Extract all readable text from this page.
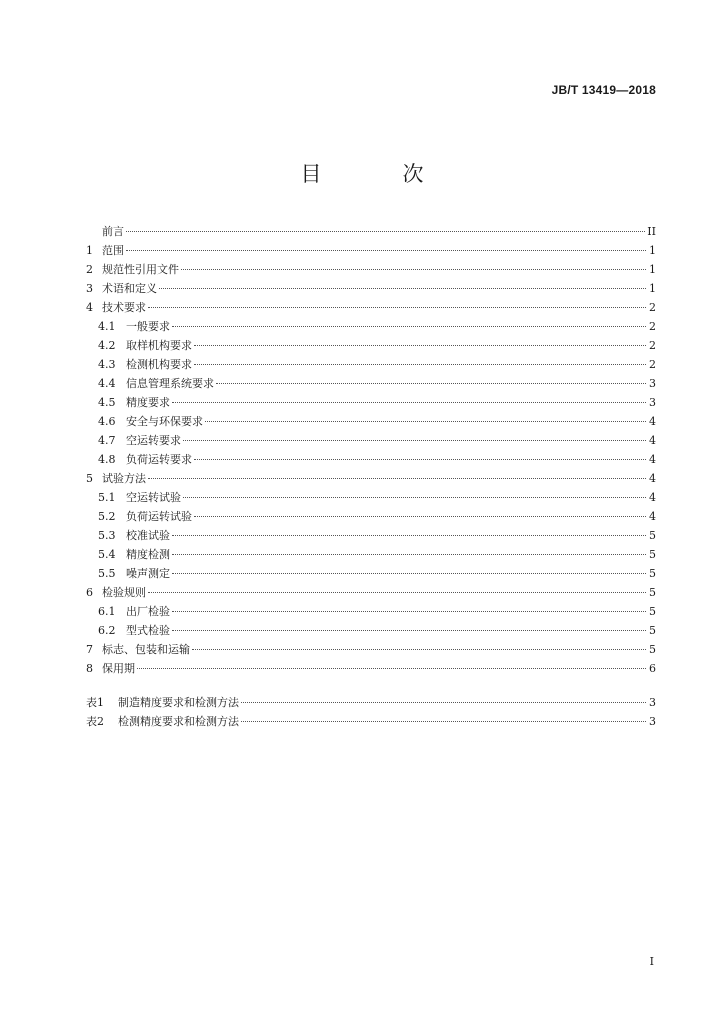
JB/T 13419—2018
目　次
前言	II
1 范围	1
2 规范性引用文件	1
3 术语和定义	1
4 技术要求	2
4.1 一般要求	2
4.2 取样机构要求	2
4.3 检测机构要求	2
4.4 信息管理系统要求	3
4.5 精度要求	3
4.6 安全与环保要求	4
4.7 空运转要求	4
4.8 负荷运转要求	4
5 试验方法	4
5.1 空运转试验	4
5.2 负荷运转试验	4
5.3 校准试验	5
5.4 精度检测	5
5.5 噪声测定	5
6 检验规则	5
6.1 出厂检验	5
6.2 型式检验	5
7 标志、包装和运输	5
8 保用期	6
表1	制造精度要求和检测方法	3
表2	检测精度要求和检测方法	3
I
